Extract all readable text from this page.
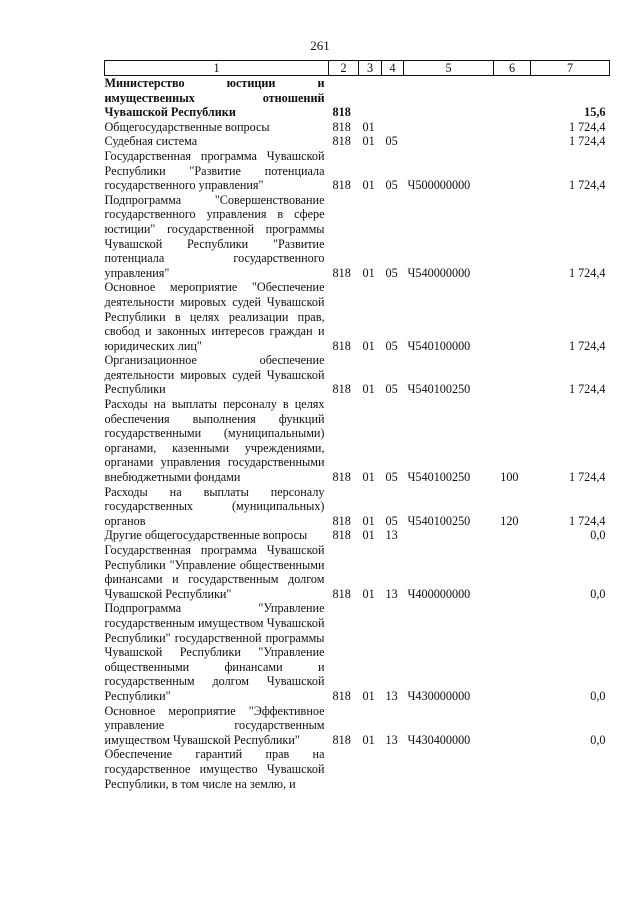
261
1	2	3	4	5	6	7
Министерство юстиции и имущественных отношений Чувашской Республики	818					15,6
Общегосударственные вопросы	818	01				1 724,4
Судебная система	818	01	05			1 724,4
Государственная программа Чувашской Республики "Развитие потенциала государственного управления"	818	01	05	Ч500000000		1 724,4
Подпрограмма "Совершенствование государственного управления в сфере юстиции" государственной программы Чувашской Республики "Развитие потенциала государственного управления"	818	01	05	Ч540000000		1 724,4
Основное мероприятие "Обеспечение деятельности мировых судей Чувашской Республики в целях реализации прав, свобод и законных интересов граждан и юридических лиц"	818	01	05	Ч540100000		1 724,4
Организационное обеспечение деятельности мировых судей Чувашской Республики	818	01	05	Ч540100250		1 724,4
Расходы на выплаты персоналу в целях обеспечения выполнения функций государственными (муниципальными) органами, казенными учреждениями, органами управления государственными внебюджетными фондами	818	01	05	Ч540100250	100	1 724,4
Расходы на выплаты персоналу государственных (муниципальных) органов	818	01	05	Ч540100250	120	1 724,4
Другие общегосударственные вопросы	818	01	13			0,0
Государственная программа Чувашской Республики "Управление общественными финансами и государственным долгом Чувашской Республики"	818	01	13	Ч400000000		0,0
Подпрограмма "Управление государственным имуществом Чувашской Республики" государственной программы Чувашской Республики "Управление общественными финансами и государственным долгом Чувашской Республики"	818	01	13	Ч430000000		0,0
Основное мероприятие "Эффективное управление государственным имуществом Чувашской Республики"	818	01	13	Ч430400000		0,0
Обеспечение гарантий прав на государственное имущество Чувашской Республики, в том числе на землю, и						
